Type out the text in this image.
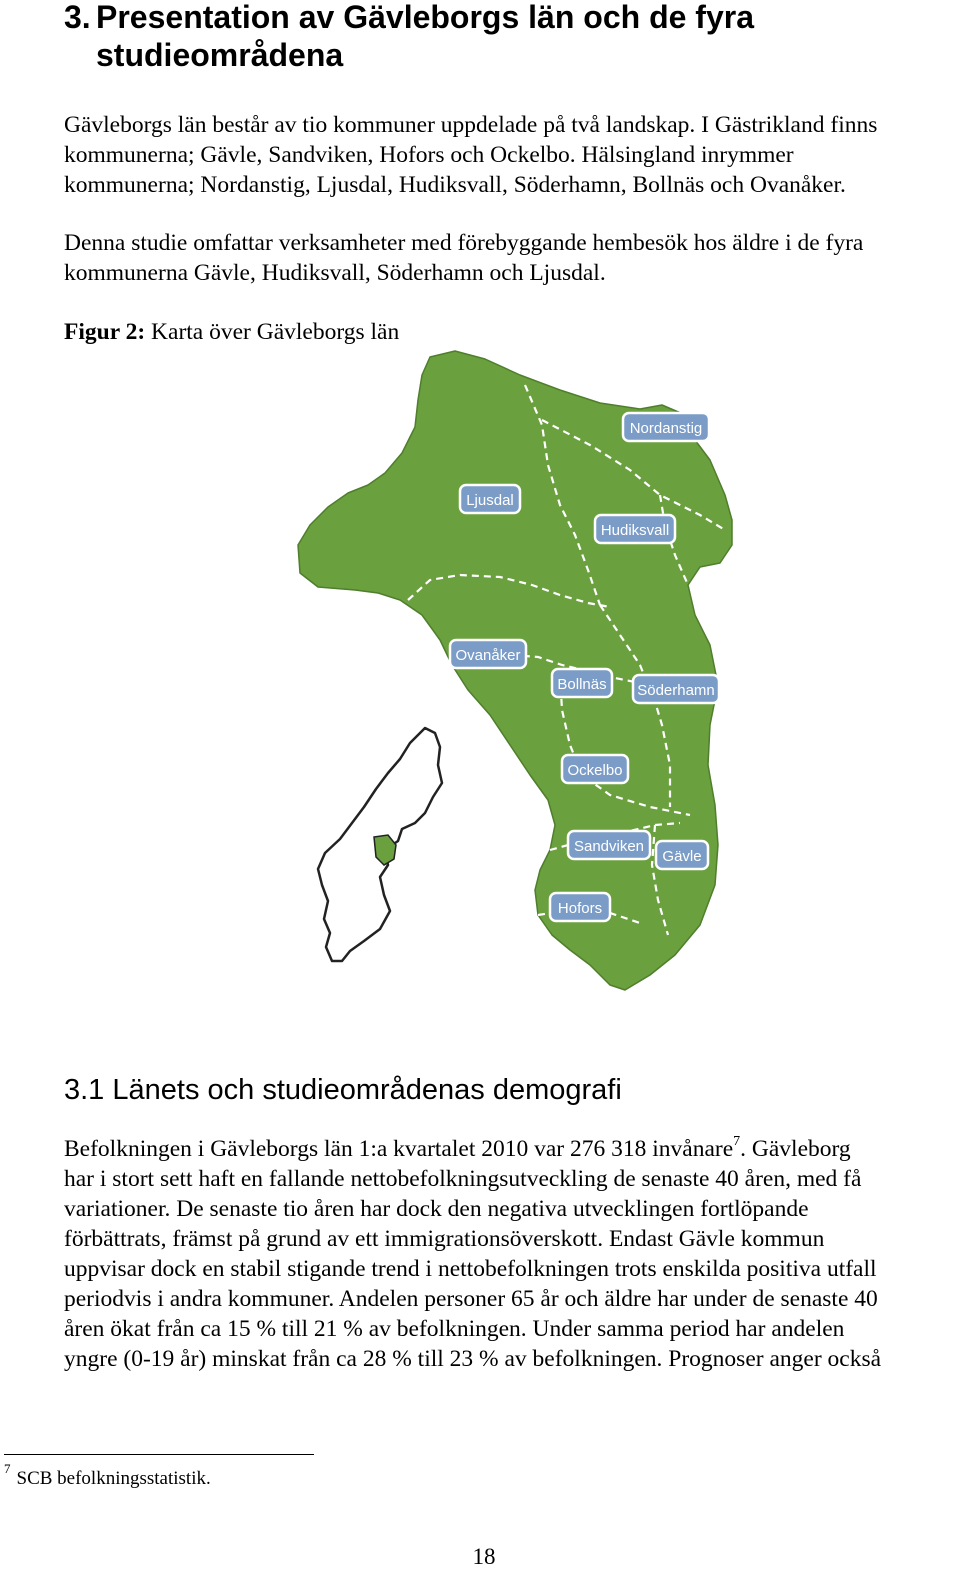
3. Presentation av Gävleborgs län och de fyra
studieområdena

Gävleborgs län består av tio kommuner uppdelade på två landskap. I Gästrikland finns
kommunerna; Gävle, Sandviken, Hofors och Ockelbo. Hälsingland inrymmer
kommunerna; Nordanstig, Ljusdal, Hudiksvall, Söderhamn, Bollnäs och Ovanåker.

Denna studie omfattar verksamheter med förebyggande hembesök hos äldre i de fyra
kommunerna Gävle, Hudiksvall, Söderhamn och Ljusdal.

Figur 2: Karta över Gävleborgs län

Nordanstig
Ljusdal
Hudiksvall
Ovanåker
Bollnäs Söderhamn
Ockelbo
Sandviken
Gävle
Hofors
3.1 Länets och studieområdenas demografi

Befolkningen i Gävleborgs län 1:a kvartalet 2010 var 276 318 invånare$^7$. Gävleborg
har i stort sett haft en fallande nettobefolkningsutveckling de senaste 40 åren, med få
variationer. De senaste tio åren har dock den negativa utvecklingen fortlöpande
förbättrats, främst på grund av ett immigrationsöverskott. Endast Gävle kommun
uppvisar dock en stabil stigande trend i nettobefolkningen trots enskilda positiva utfall
periodvis i andra kommuner. Andelen personer 65 år och äldre har under de senaste 40
åren ökat från ca 15 % till 21 % av befolkningen. Under samma period har andelen
yngre (0-19 år) minskat från ca 28 % till 23 % av befolkningen. Prognoser anger också

$^7$ SCB befolkningsstatistik.

18
